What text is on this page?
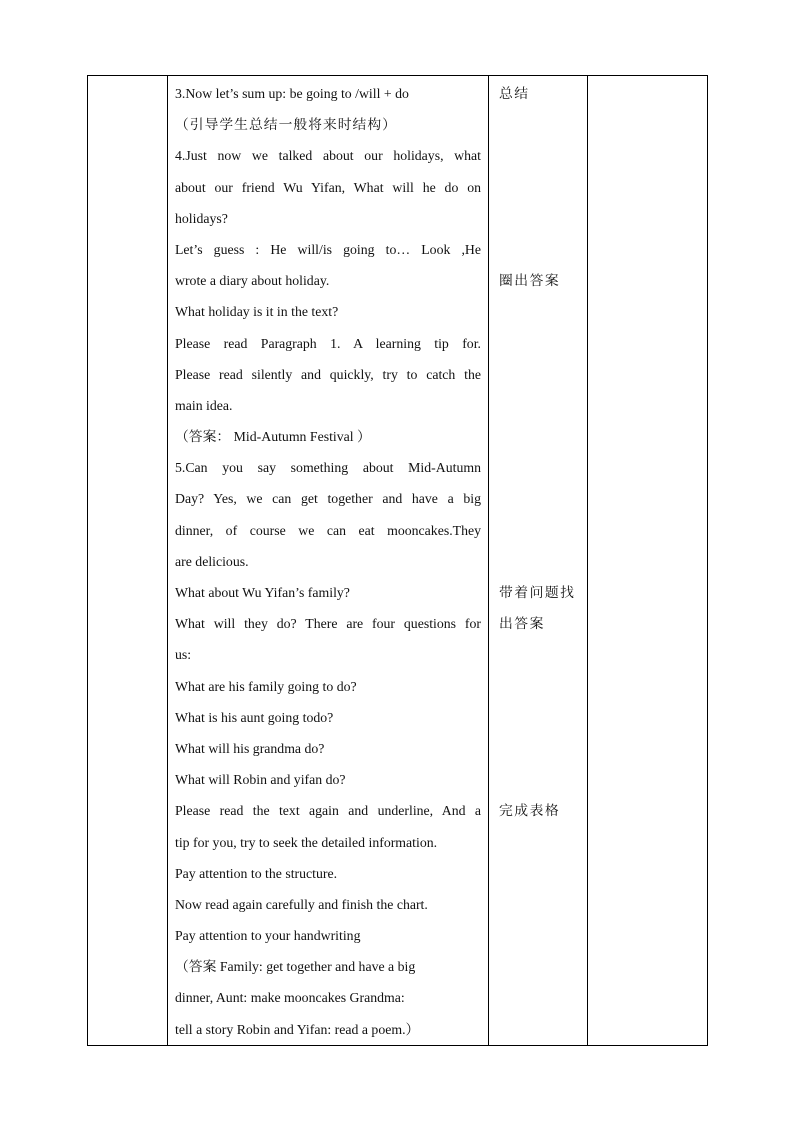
3.Now let’s sum up: be going to /will + do
（引导学生总结一般将来时结构）
4.Just now we talked about our holidays, what
about our friend Wu Yifan, What will he do on
holidays?
Let’s guess : He will/is going to… Look ,He
wrote a diary about holiday.
What holiday is it in the text?
Please read Paragraph 1. A learning tip for.
Please read silently and quickly, try to catch the
main idea.
（答案： Mid-Autumn Festival ）
5.Can you say something about Mid-Autumn
Day? Yes, we can get together and have a big
dinner, of course we can eat mooncakes.They
are delicious.
What about Wu Yifan’s family?
What will they do? There are four questions for
us:
What are his family going to do?
What is his aunt going todo?
What will his grandma do?
What will Robin and yifan do?
Please read the text again and underline, And a
tip for you, try to seek the detailed information.
Pay attention to the structure.
Now read again carefully and finish the chart.
Pay attention to your handwriting
（答案 Family: get together and have a big
dinner, Aunt: make mooncakes Grandma:
tell a story Robin and Yifan: read a poem.）

总结
圈出答案
带着问题找
出答案
完成表格
